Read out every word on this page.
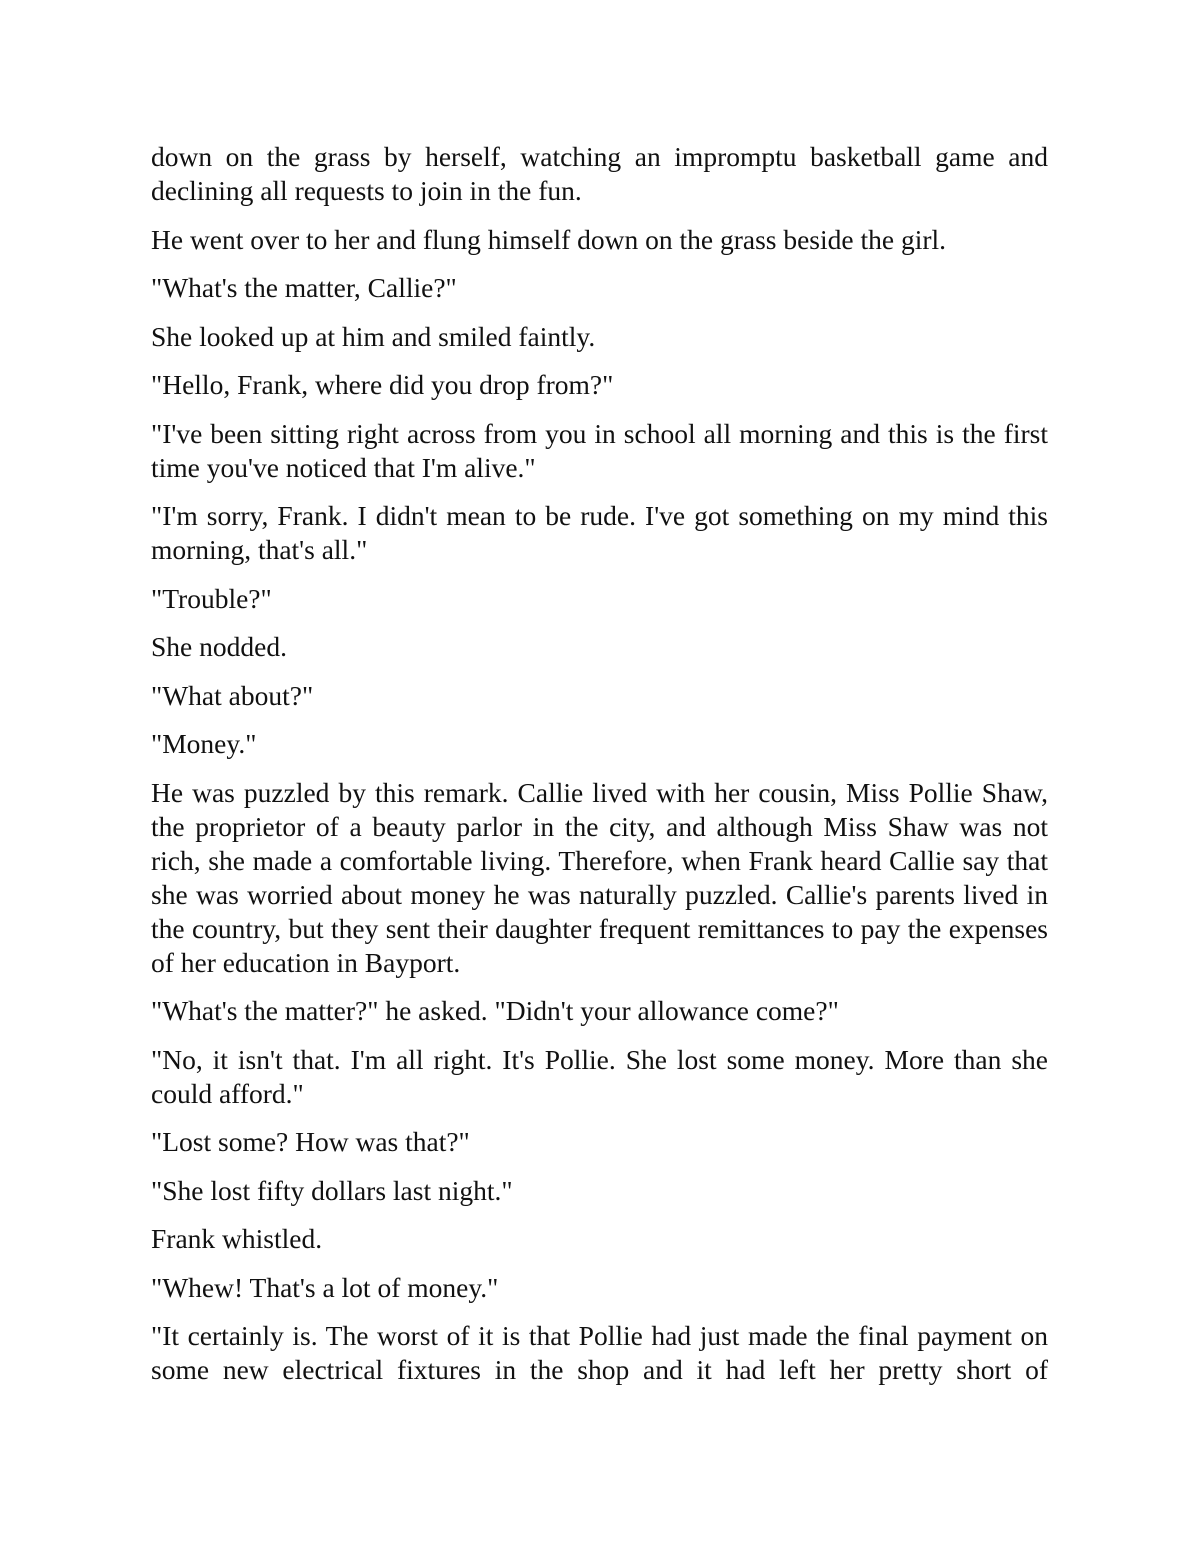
down on the grass by herself, watching an impromptu basketball game and declining all requests to join in the fun.

He went over to her and flung himself down on the grass beside the girl.

"What's the matter, Callie?"

She looked up at him and smiled faintly.

"Hello, Frank, where did you drop from?"

"I've been sitting right across from you in school all morning and this is the first time you've noticed that I'm alive."

"I'm sorry, Frank. I didn't mean to be rude. I've got something on my mind this morning, that's all."

"Trouble?"

She nodded.

"What about?"

"Money."

He was puzzled by this remark. Callie lived with her cousin, Miss Pollie Shaw, the proprietor of a beauty parlor in the city, and although Miss Shaw was not rich, she made a comfortable living. Therefore, when Frank heard Callie say that she was worried about money he was naturally puzzled. Callie's parents lived in the country, but they sent their daughter frequent remittances to pay the expenses of her education in Bayport.

"What's the matter?" he asked. "Didn't your allowance come?"

"No, it isn't that. I'm all right. It's Pollie. She lost some money. More than she could afford."

"Lost some? How was that?"

"She lost fifty dollars last night."

Frank whistled.

"Whew! That's a lot of money."

"It certainly is. The worst of it is that Pollie had just made the final payment on some new electrical fixtures in the shop and it had left her pretty short of
